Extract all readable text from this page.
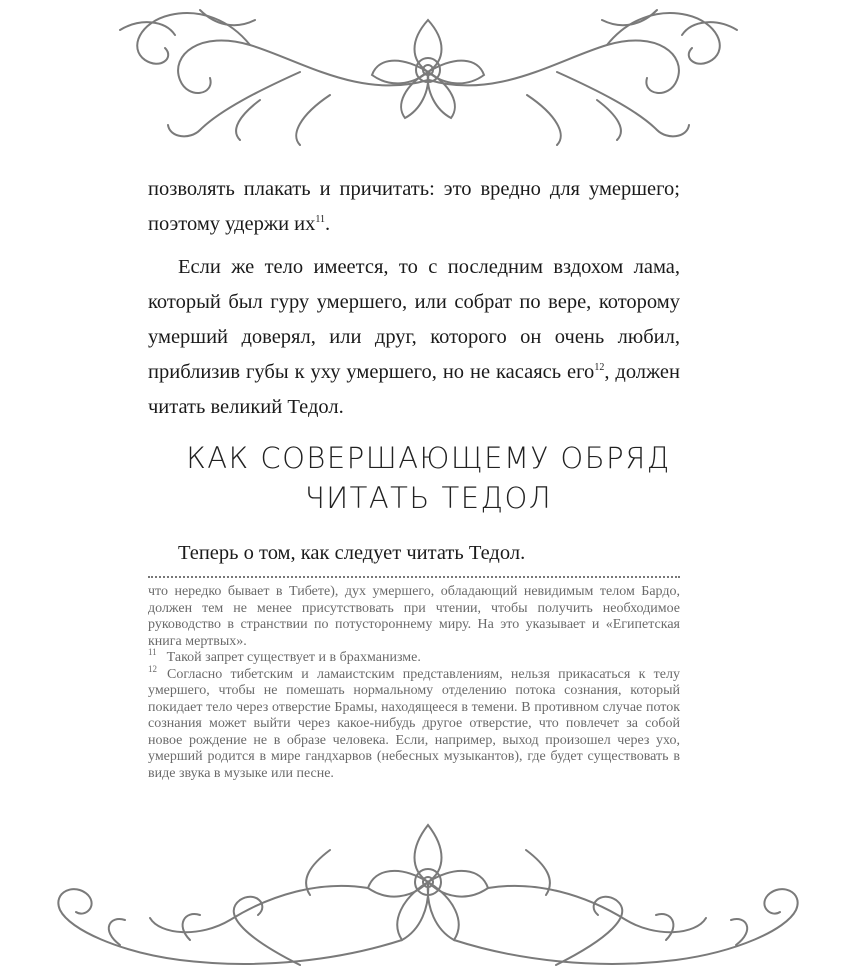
позволять плакать и причитать: это вредно для умершего; поэтому удержи $их^{11}$.

Если же тело имеется, то с последним вздохом лама, который был гуру умершего, или собрат по вере, которому умерший доверял, или друг, которого он очень любил, приблизив губы к уху умершего, но не касаясь его$^{12}$, должен читать великий Тедол.

КАК СОВЕРШАЮЩЕМУ ОБРЯД
ЧИТАТЬ ТЕДОЛ
Теперь о том, как следует читать Тедол.

что нередко бывает в Тибете), дух умершего, обладающий невидимым телом Бардо, должен тем не менее присутствовать при чтении, чтобы получить необходимое руководство в странствии по потустороннему миру. На это указывает и «Египетская книга мертвых».

$^{11}$ Такой запрет существует и в брахманизме.

$^{12}$ Согласно тибетским и ламаистским представлениям, нельзя прикасаться к телу умершего, чтобы не помешать нормальному отделению потока сознания, который покидает тело через отверстие Брамы, находящееся в темени. В противном случае поток сознания может выйти через какое-нибудь другое отверстие, что повлечет за собой новое рождение не в образе человека. Если, например, выход произошел через ухо, умерший родится в мире гандхарвов (небесных музыкантов), где будет существовать в виде звука в музыке или песне.
